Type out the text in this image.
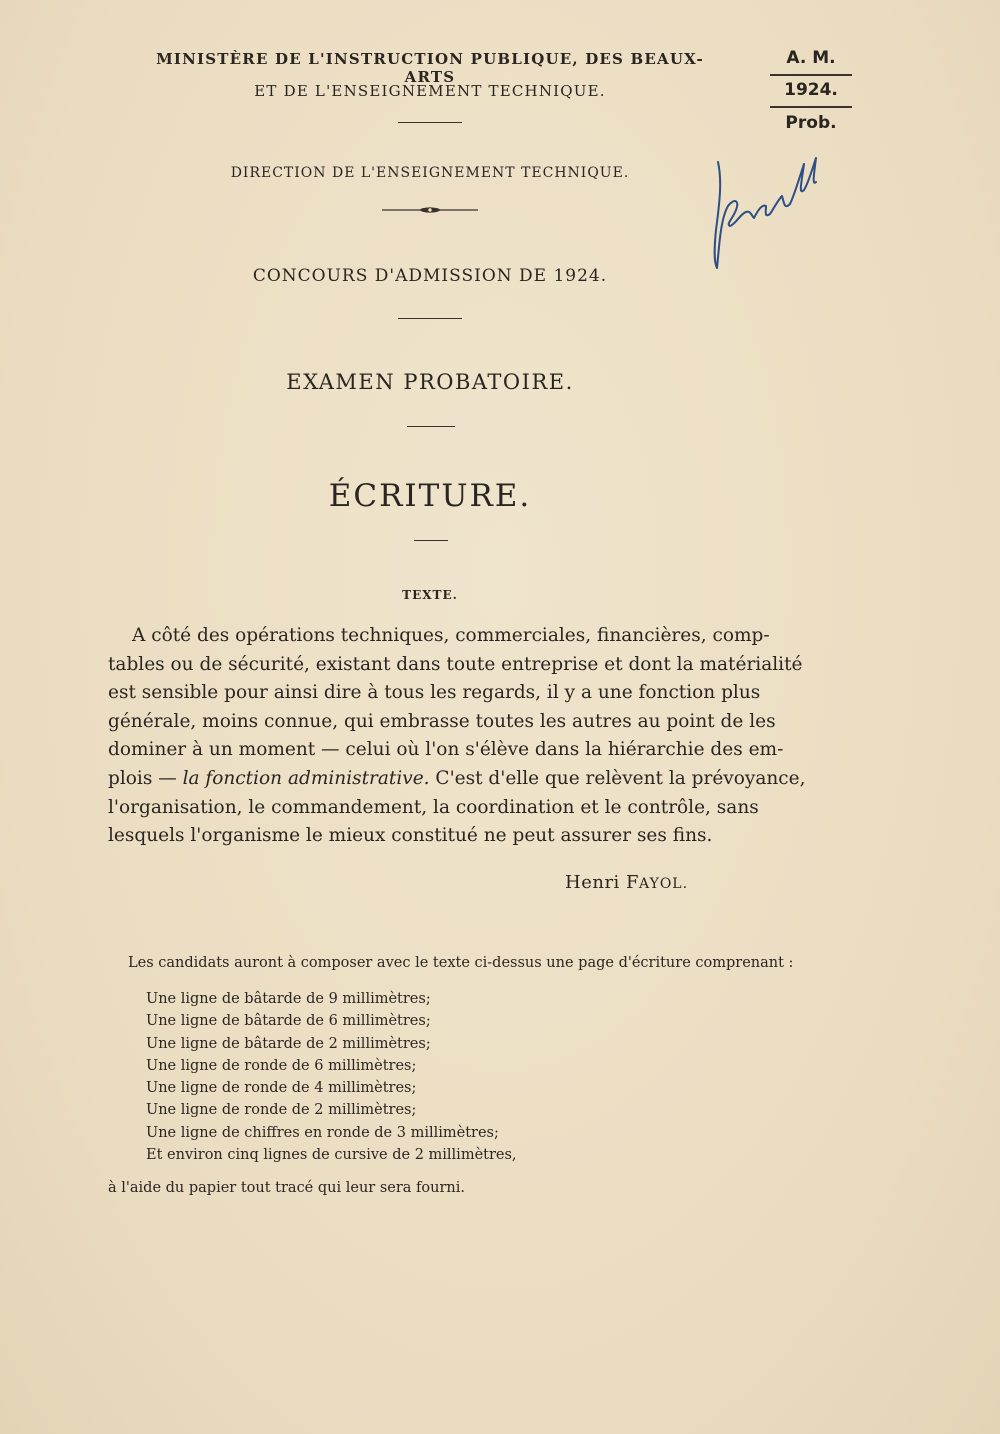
MINISTÈRE DE L'INSTRUCTION PUBLIQUE, DES BEAUX-ARTS
ET DE L'ENSEIGNEMENT TECHNIQUE.
A. M.
1924.
Prob.
DIRECTION DE L'ENSEIGNEMENT TECHNIQUE.
CONCOURS D'ADMISSION DE 1924.
EXAMEN PROBATOIRE.
ÉCRITURE.
TEXTE.
A côté des opérations techniques, commerciales, financières, comp-
tables ou de sécurité, existant dans toute entreprise et dont la matérialité
est sensible pour ainsi dire à tous les regards, il y a une fonction plus
générale, moins connue, qui embrasse toutes les autres au point de les
dominer à un moment — celui où l'on s'élève dans la hiérarchie des em-
plois — la fonction administrative. C'est d'elle que relèvent la prévoyance,
l'organisation, le commandement, la coordination et le contrôle, sans
lesquels l'organisme le mieux constitué ne peut assurer ses fins.
Henri FAYOL.
Les candidats auront à composer avec le texte ci-dessus une page d'écriture comprenant :
Une ligne de bâtarde de 9 millimètres;
Une ligne de bâtarde de 6 millimètres;
Une ligne de bâtarde de 2 millimètres;
Une ligne de ronde de 6 millimètres;
Une ligne de ronde de 4 millimètres;
Une ligne de ronde de 2 millimètres;
Une ligne de chiffres en ronde de 3 millimètres;
Et environ cinq lignes de cursive de 2 millimètres,
à l'aide du papier tout tracé qui leur sera fourni.
